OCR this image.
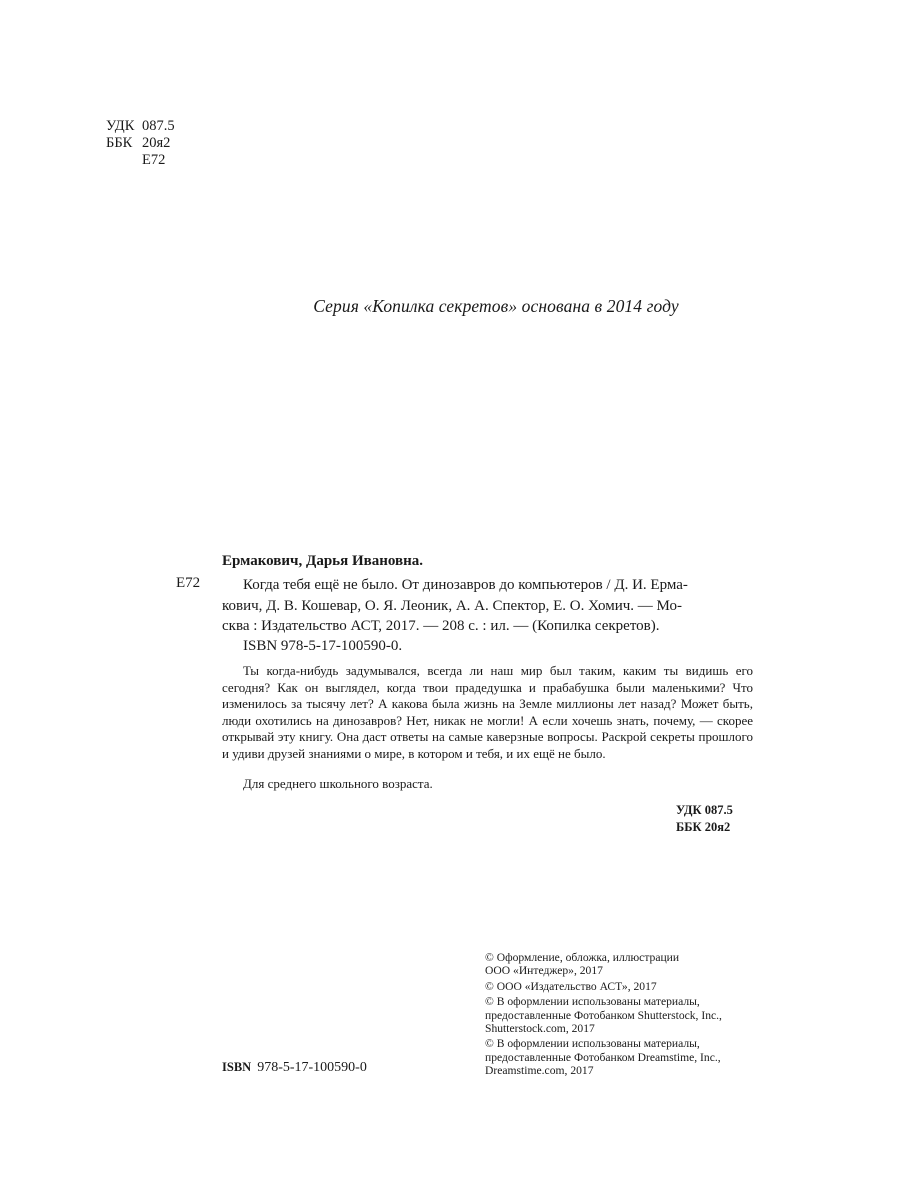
УДК 087.5
ББК 20я2
Е72
Серия «Копилка секретов» основана в 2014 году
Ермакович, Дарья Ивановна.
Е72	Когда тебя ещё не было. От динозавров до компьютеров / Д. И. Ерма-
кович, Д. В. Кошевар, О. Я. Леоник, А. А. Спектор, Е. О. Хомич. — Мо-
сква : Издательство АСТ, 2017. — 208 с. : ил. — (Копилка секретов).
ISBN 978-5-17-100590-0.
Ты когда-нибудь задумывался, всегда ли наш мир был таким, каким ты видишь его сегодня? Как он выглядел, когда твои прадедушка и прабабушка были маленькими? Что изменилось за тысячу лет? А какова была жизнь на Земле миллионы лет назад? Может быть, люди охотились на динозавров? Нет, никак не могли! А если хочешь знать, почему, — скорее открывай эту книгу. Она даст ответы на самые каверзные вопросы. Раскрой секреты прошлого и удиви друзей знаниями о мире, в котором и тебя, и их ещё не было.
Для среднего школьного возраста.
УДК 087.5
ББК 20я2
© Оформление, обложка, иллюстрации
ООО «Интеджер», 2017
© ООО «Издательство АСТ», 2017
© В оформлении использованы материалы,
предоставленные Фотобанком Shutterstock, Inc.,
Shutterstock.com, 2017
© В оформлении использованы материалы,
предоставленные Фотобанком Dreamstime, Inc.,
Dreamstime.com, 2017
ISBN 978-5-17-100590-0
